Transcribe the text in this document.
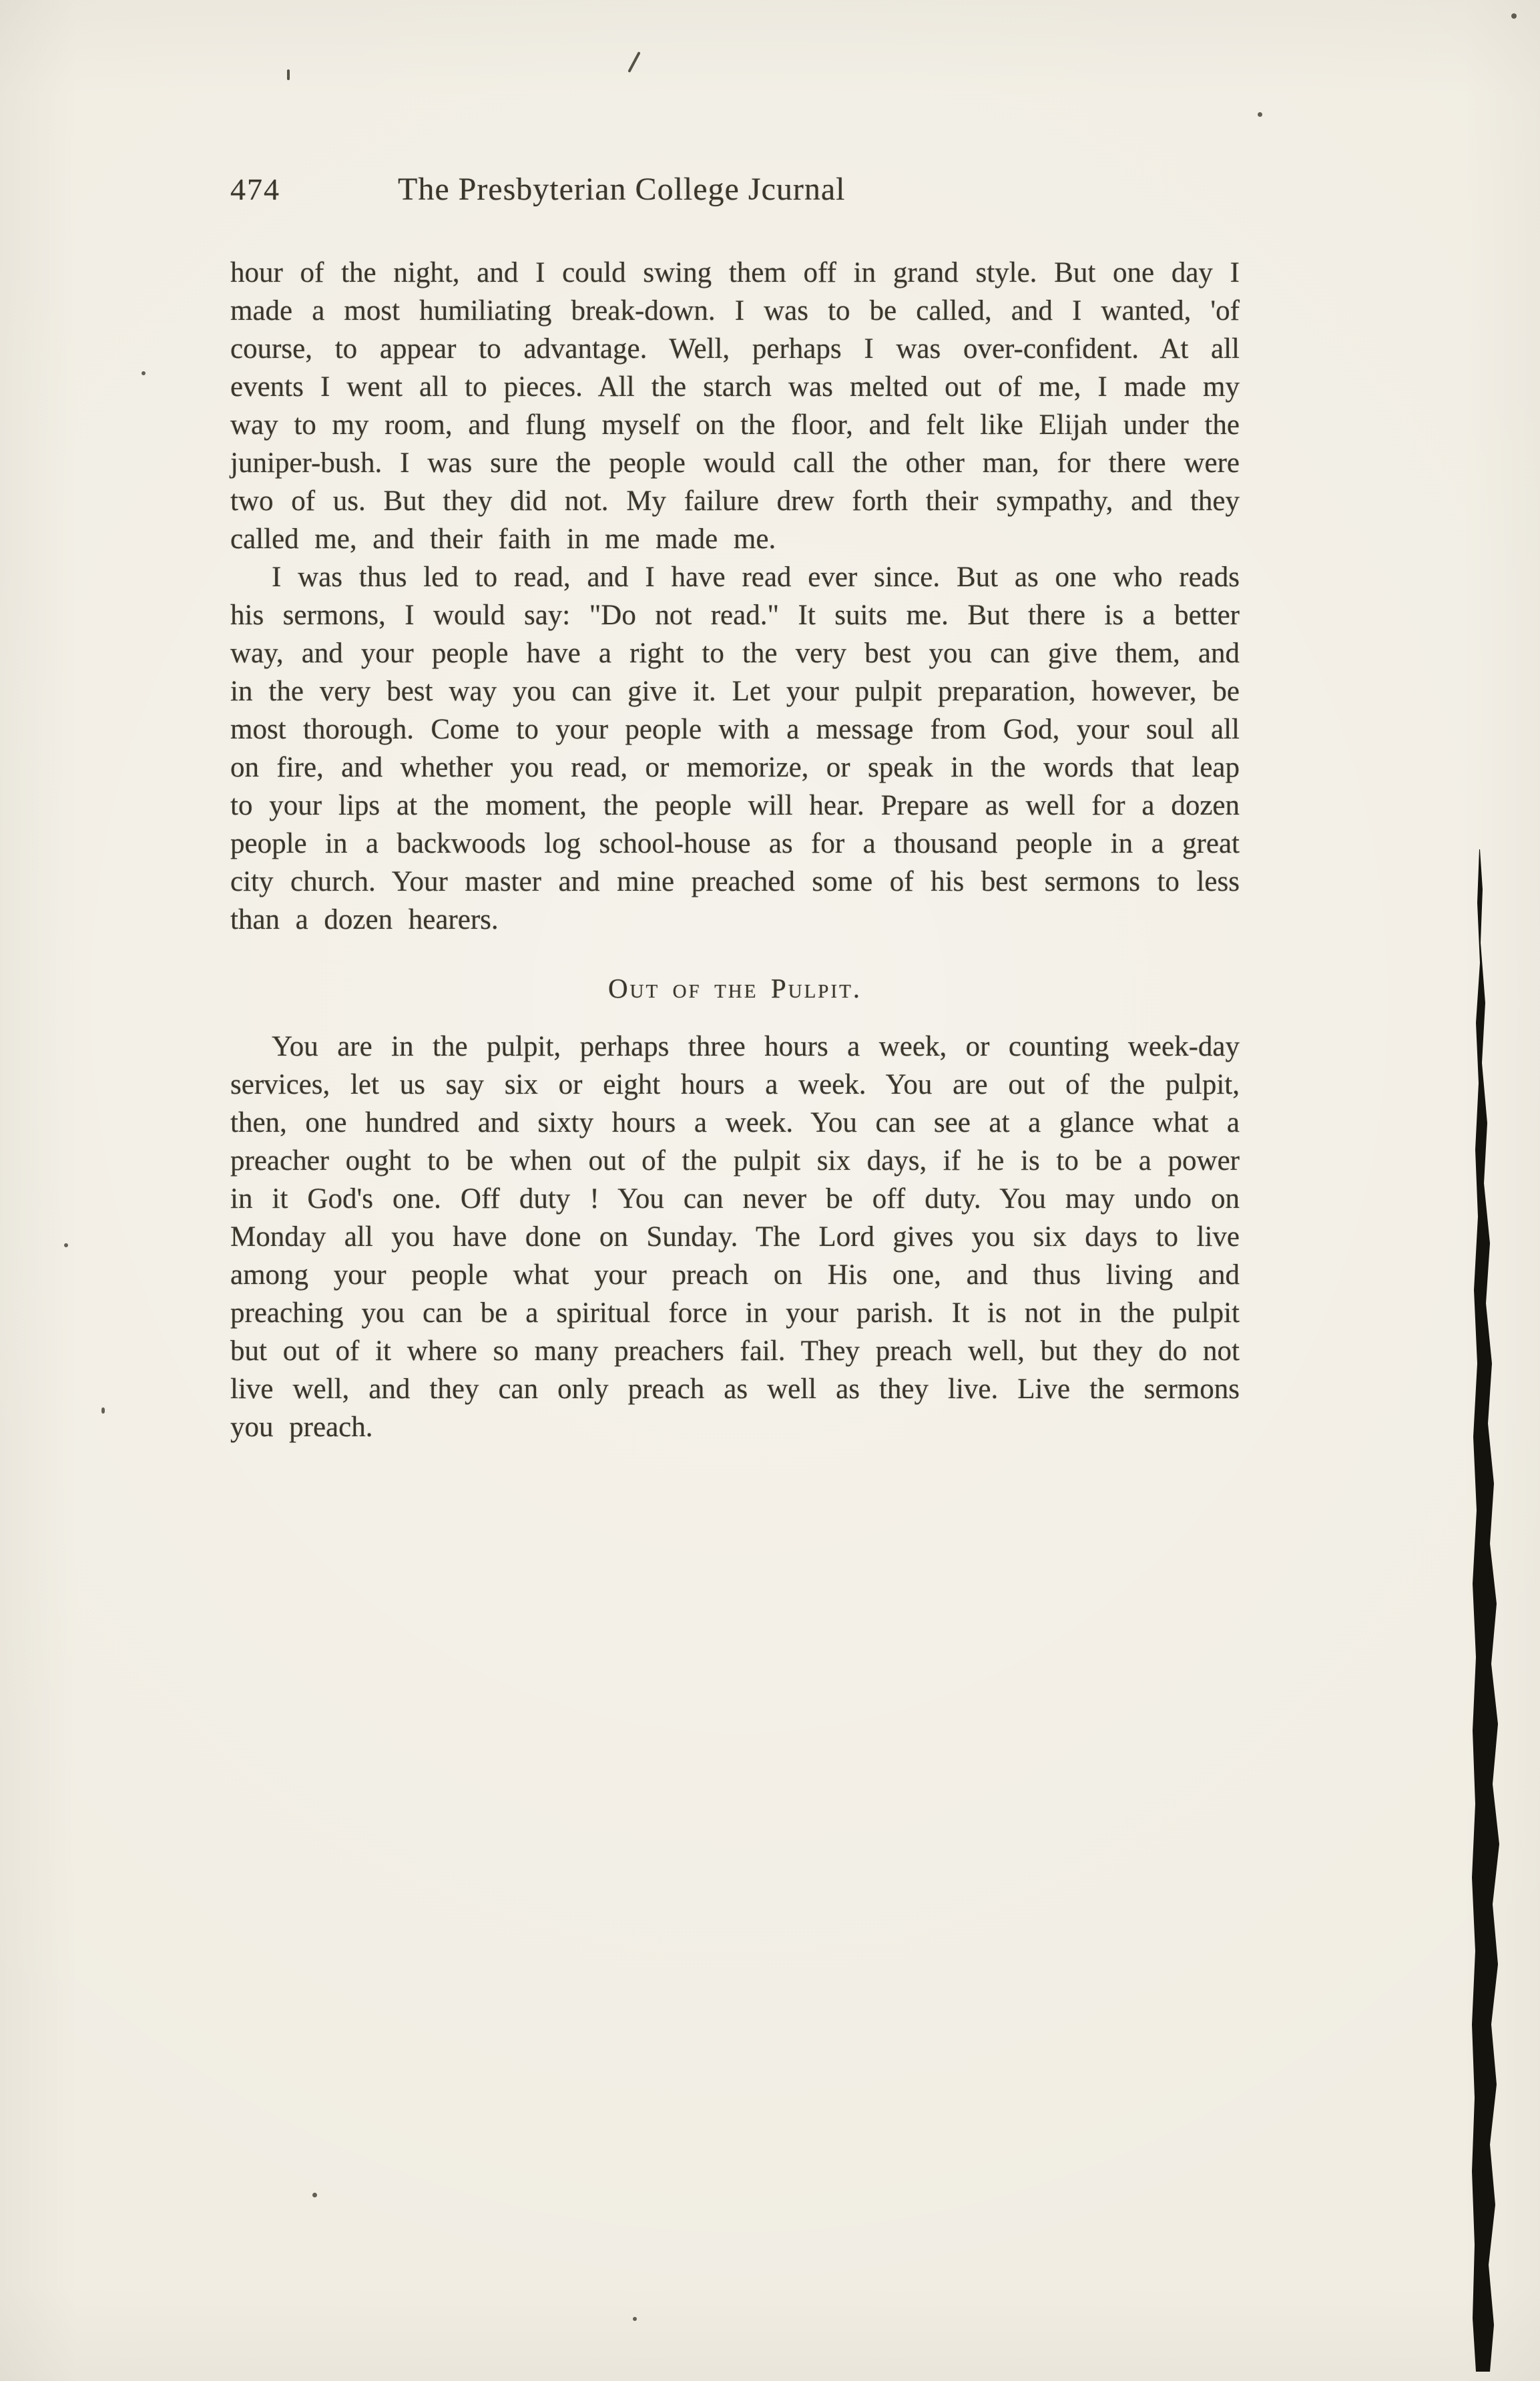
474	The Presbyterian College Jcurnal

hour of the night, and I could swing them off in grand style. But one day I made a most humiliating break-down. I was to be called, and I wanted, 'of course, to appear to advantage. Well, perhaps I was over-confident. At all events I went all to pieces. All the starch was melted out of me, I made my way to my room, and flung myself on the floor, and felt like Elijah under the juniper-bush. I was sure the people would call the other man, for there were two of us. But they did not. My failure drew forth their sympathy, and they called me, and their faith in me made me.

I was thus led to read, and I have read ever since. But as one who reads his sermons, I would say: "Do not read." It suits me. But there is a better way, and your people have a right to the very best you can give them, and in the very best way you can give it. Let your pulpit preparation, however, be most thorough. Come to your people with a message from God, your soul all on fire, and whether you read, or memorize, or speak in the words that leap to your lips at the moment, the people will hear. Prepare as well for a dozen people in a backwoods log school-house as for a thousand people in a great city church. Your master and mine preached some of his best sermons to less than a dozen hearers.

Out of the Pulpit.

You are in the pulpit, perhaps three hours a week, or counting week-day services, let us say six or eight hours a week. You are out of the pulpit, then, one hundred and sixty hours a week. You can see at a glance what a preacher ought to be when out of the pulpit six days, if he is to be a power in it God's one. Off duty ! You can never be off duty. You may undo on Monday all you have done on Sunday. The Lord gives you six days to live among your people what your preach on His one, and thus living and preaching you can be a spiritual force in your parish. It is not in the pulpit but out of it where so many preachers fail. They preach well, but they do not live well, and they can only preach as well as they live. Live the sermons you preach.
